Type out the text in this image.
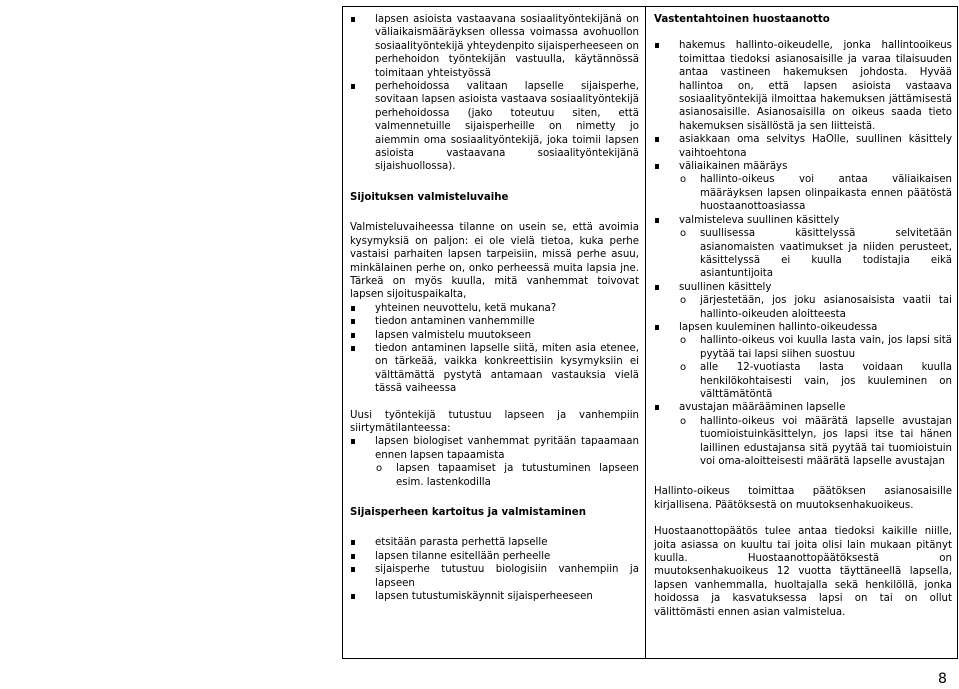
lapsen asioista vastaavana sosiaalityöntekijänä on väliaikaismääräyksen ollessa voimassa avohuollon sosiaalityöntekijä yhteydenpito sijaisperheeseen on perhehoidon työntekijän vastuulla, käytännössä toimitaan yhteistyössä
perhehoidossa valitaan lapselle sijaisperhe, sovitaan lapsen asioista vastaava sosiaalityöntekijä perhehoidossa (jako toteutuu siten, että valmennetuille sijaisperheille on nimetty jo aiemmin oma sosiaalityöntekijä, joka toimii lapsen asioista vastaavana sosiaalityöntekijänä sijaishuollossa).

Sijoituksen valmisteluvaihe

Valmisteluvaiheessa tilanne on usein se, että avoimia kysymyksiä on paljon: ei ole vielä tietoa, kuka perhe vastaisi parhaiten lapsen tarpeisiin, missä perhe asuu, minkälainen perhe on, onko perheessä muita lapsia jne. Tärkeä on myös kuulla, mitä vanhemmat toivovat lapsen sijoituspaikalta,

yhteinen neuvottelu, ketä mukana?
tiedon antaminen vanhemmille
lapsen valmistelu muutokseen
tiedon antaminen lapselle siitä, miten asia etenee, on tärkeää, vaikka konkreettisiin kysymyksiin ei välttämättä pystytä antamaan vastauksia vielä tässä vaiheessa

Uusi työntekijä tutustuu lapseen ja vanhempiin siirtymätilanteessa:

lapsen biologiset vanhemmat pyritään tapaamaan ennen lapsen tapaamista
o
lapsen tapaamiset ja tutustuminen lapseen esim. lastenkodilla

Sijaisperheen kartoitus ja valmistaminen

etsitään parasta perhettä lapselle
lapsen tilanne esitellään perheelle
sijaisperhe tutustuu biologisiin vanhempiin ja lapseen
lapsen tutustumiskäynnit sijaisperheeseen

Vastentahtoinen huostaanotto

hakemus hallinto-oikeudelle, jonka hallintooikeus toimittaa tiedoksi asianosaisille ja varaa tilaisuuden antaa vastineen hakemuksen johdosta. Hyvää hallintoa on, että lapsen asioista vastaava sosiaalityöntekijä ilmoittaa hakemuksen jättämisestä asianosaisille. Asianosaisilla on oikeus saada tieto hakemuksen sisällöstä ja sen liitteistä.
asiakkaan oma selvitys HaOlle, suullinen käsittely vaihtoehtona
väliaikainen määräys
o
hallinto-oikeus voi antaa väliaikaisen määräyksen lapsen olinpaikasta ennen päätöstä huostaanottoasiassa
valmisteleva suullinen käsittely
o
suullisessa käsittelyssä selvitetään asianomaisten vaatimukset ja niiden perusteet, käsittelyssä ei kuulla todistajia eikä asiantuntijoita
suullinen käsittely
o
järjestetään, jos joku asianosaisista vaatii tai hallinto-oikeuden aloitteesta
lapsen kuuleminen hallinto-oikeudessa
o
hallinto-oikeus voi kuulla lasta vain, jos lapsi sitä pyytää tai lapsi siihen suostuu
o
alle 12-vuotiasta lasta voidaan kuulla henkilökohtaisesti vain, jos kuuleminen on välttämätöntä
avustajan määrääminen lapselle
o
hallinto-oikeus voi määrätä lapselle avustajan tuomioistuinkäsittelyn, jos lapsi itse tai hänen laillinen edustajansa sitä pyytää tai tuomioistuin voi oma-aloitteisesti määrätä lapselle avustajan

Hallinto-oikeus toimittaa päätöksen asianosaisille kirjallisena. Päätöksestä on muutoksenhakuoikeus.

Huostaanottopäätös tulee antaa tiedoksi kaikille niille, joita asiassa on kuultu tai joita olisi lain mukaan pitänyt kuulla. Huostaanottopäätöksestä on muutoksenhakuoikeus 12 vuotta täyttäneellä lapsella, lapsen vanhemmalla, huoltajalla sekä henkilöllä, jonka hoidossa ja kasvatuksessa lapsi on tai on ollut välittömästi ennen asian valmistelua.

8
